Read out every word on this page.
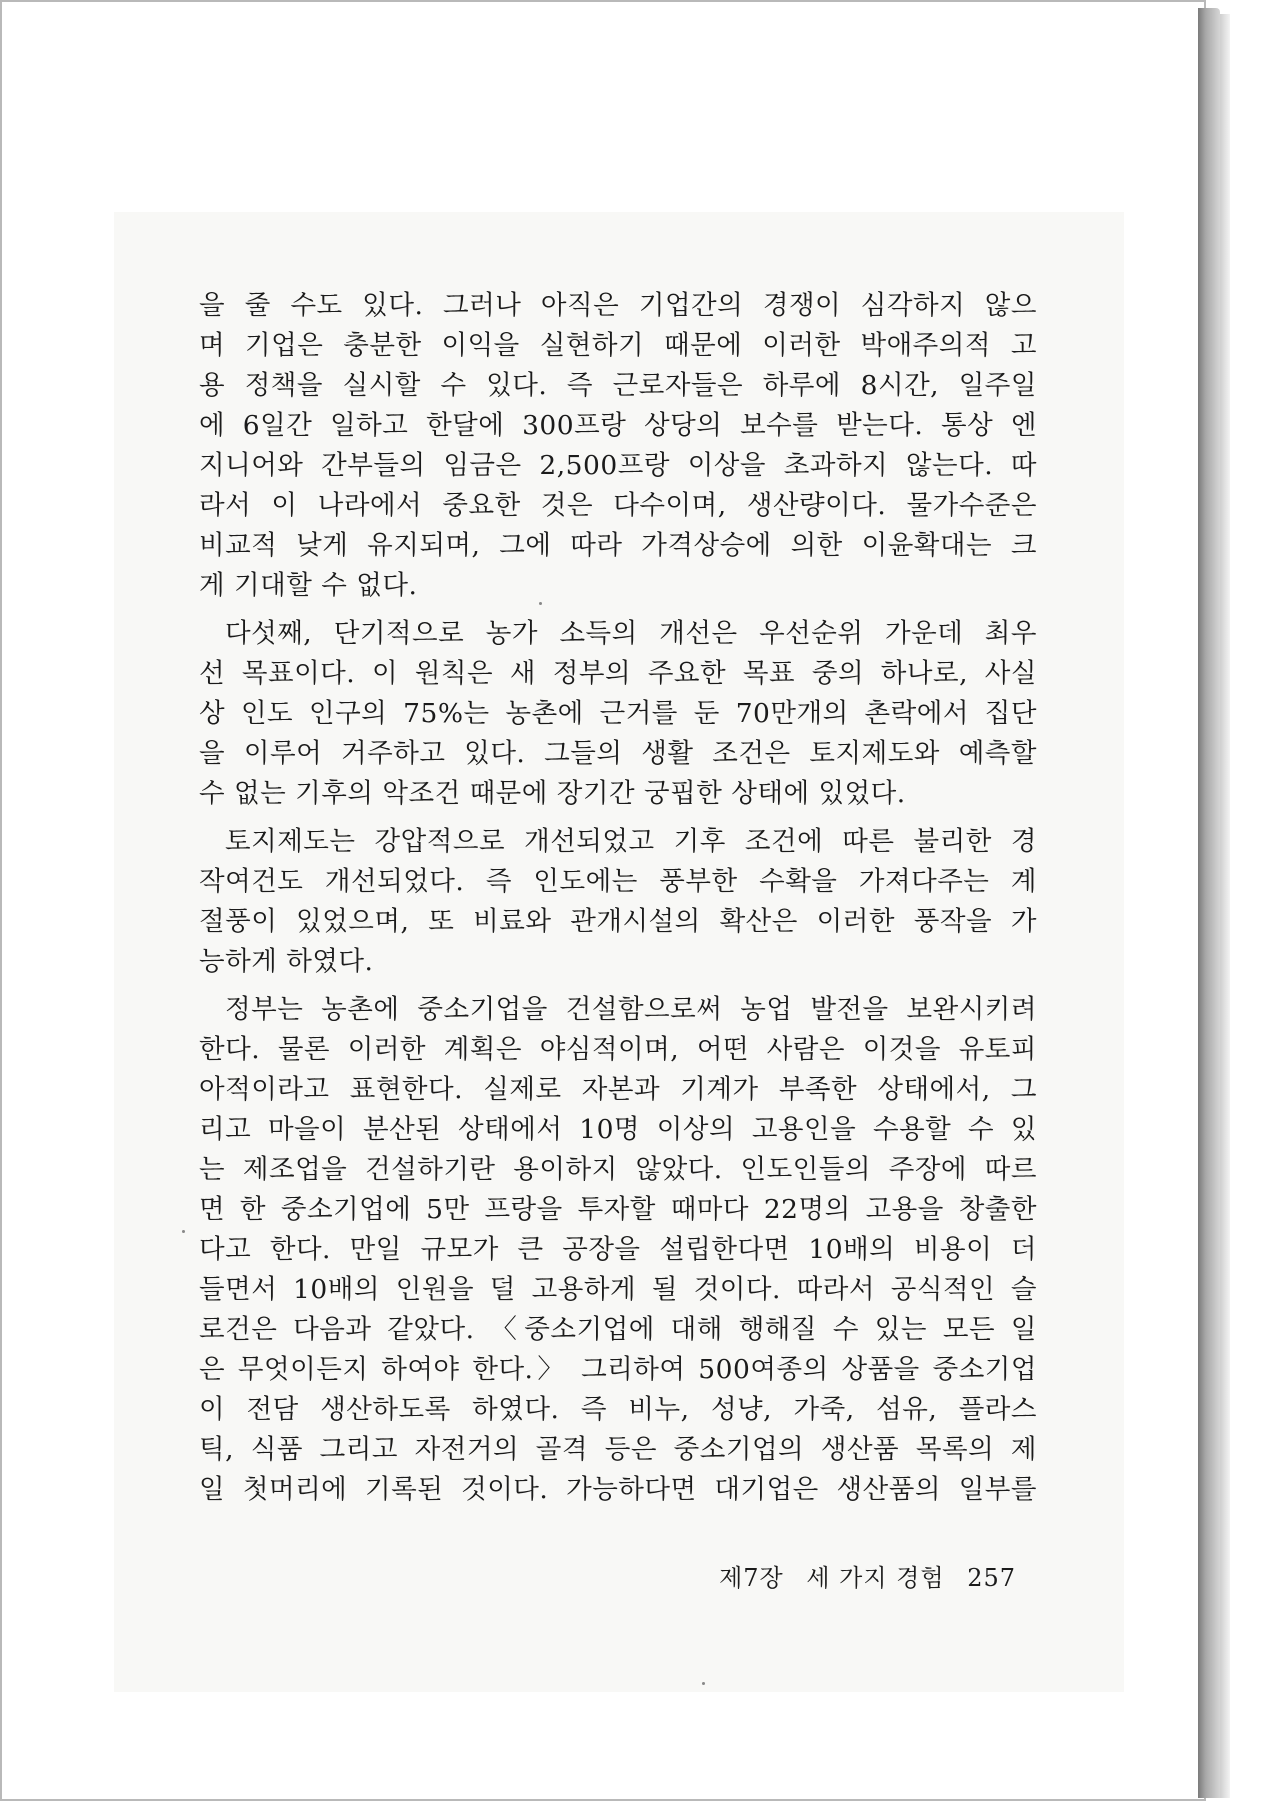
을 줄 수도 있다. 그러나 아직은 기업간의 경쟁이 심각하지 않으
며 기업은 충분한 이익을 실현하기 때문에 이러한 박애주의적 고
용 정책을 실시할 수 있다. 즉 근로자들은 하루에 8시간, 일주일
에 6일간 일하고 한달에 300프랑 상당의 보수를 받는다. 통상 엔
지니어와 간부들의 임금은 2,500프랑 이상을 초과하지 않는다. 따
라서 이 나라에서 중요한 것은 다수이며, 생산량이다. 물가수준은
비교적 낮게 유지되며, 그에 따라 가격상승에 의한 이윤확대는 크
게 기대할 수 없다.
다섯째, 단기적으로 농가 소득의 개선은 우선순위 가운데 최우
선 목표이다. 이 원칙은 새 정부의 주요한 목표 중의 하나로, 사실
상 인도 인구의 75%는 농촌에 근거를 둔 70만개의 촌락에서 집단
을 이루어 거주하고 있다. 그들의 생활 조건은 토지제도와 예측할
수 없는 기후의 악조건 때문에 장기간 궁핍한 상태에 있었다.
토지제도는 강압적으로 개선되었고 기후 조건에 따른 불리한 경
작여건도 개선되었다. 즉 인도에는 풍부한 수확을 가져다주는 계
절풍이 있었으며, 또 비료와 관개시설의 확산은 이러한 풍작을 가
능하게 하였다.
정부는 농촌에 중소기업을 건설함으로써 농업 발전을 보완시키려
한다. 물론 이러한 계획은 야심적이며, 어떤 사람은 이것을 유토피
아적이라고 표현한다. 실제로 자본과 기계가 부족한 상태에서, 그
리고 마을이 분산된 상태에서 10명 이상의 고용인을 수용할 수 있
는 제조업을 건설하기란 용이하지 않았다. 인도인들의 주장에 따르
면 한 중소기업에 5만 프랑을 투자할 때마다 22명의 고용을 창출한
다고 한다. 만일 규모가 큰 공장을 설립한다면 10배의 비용이 더
들면서 10배의 인원을 덜 고용하게 될 것이다. 따라서 공식적인 슬
로건은 다음과 같았다. 〈중소기업에 대해 행해질 수 있는 모든 일
은 무엇이든지 하여야 한다.〉 그리하여 500여종의 상품을 중소기업
이 전담 생산하도록 하였다. 즉 비누, 성냥, 가죽, 섬유, 플라스
틱, 식품 그리고 자전거의 골격 등은 중소기업의 생산품 목록의 제
일 첫머리에 기록된 것이다. 가능하다면 대기업은 생산품의 일부를
제7장 세 가지 경험 257
